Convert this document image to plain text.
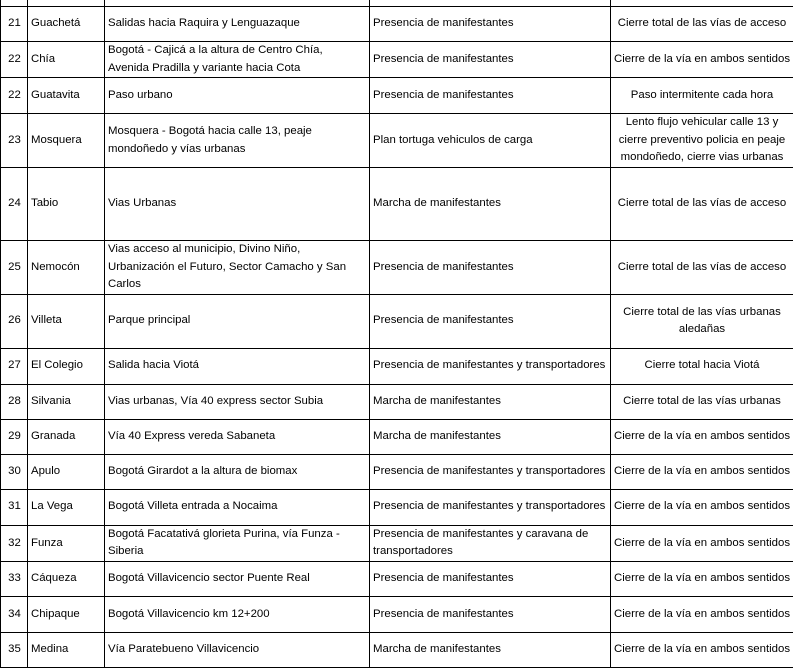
21	Guachetá	Salidas hacia Raquira y Lenguazaque	Presencia de manifestantes	Cierre total de las vías de acceso
22	Chía	Bogotá - Cajicá a la altura de Centro Chía, Avenida Pradilla y variante hacia Cota	Presencia de manifestantes	Cierre de la vía en ambos sentidos
22	Guatavita	Paso urbano	Presencia de manifestantes	Paso intermitente cada hora
23	Mosquera	Mosquera - Bogotá hacia calle 13, peaje mondoñedo y vías urbanas	Plan tortuga vehiculos de carga	Lento flujo vehicular calle 13 y cierre preventivo policia en peaje mondoñedo, cierre vias urbanas
24	Tabio	Vias Urbanas	Marcha de manifestantes	Cierre total de las vías de acceso
25	Nemocón	Vias acceso al municipio, Divino Niño, Urbanización el Futuro, Sector Camacho y San Carlos	Presencia de manifestantes	Cierre total de las vías de acceso
26	Villeta	Parque principal	Presencia de manifestantes	Cierre total de las vías urbanas aledañas
27	El Colegio	Salida hacia Viotá	Presencia de manifestantes y transportadores	Cierre total hacia Viotá
28	Silvania	Vias urbanas, Vía 40 express sector Subia	Marcha de manifestantes	Cierre total de las vías urbanas
29	Granada	Vía 40 Express vereda Sabaneta	Marcha de manifestantes	Cierre de la vía en ambos sentidos
30	Apulo	Bogotá Girardot a la altura de biomax	Presencia de manifestantes y transportadores	Cierre de la vía en ambos sentidos
31	La Vega	Bogotá Villeta entrada a Nocaima	Presencia de manifestantes y transportadores	Cierre de la vía en ambos sentidos
32	Funza	Bogotá Facatativá glorieta Purina, vía Funza - Siberia	Presencia de manifestantes y caravana de transportadores	Cierre de la vía en ambos sentidos
33	Cáqueza	Bogotá Villavicencio sector Puente Real	Presencia de manifestantes	Cierre de la vía en ambos sentidos
34	Chipaque	Bogotá Villavicencio km 12+200	Presencia de manifestantes	Cierre de la vía en ambos sentidos
35	Medina	Vía Paratebueno Villavicencio	Marcha de manifestantes	Cierre de la vía en ambos sentidos
